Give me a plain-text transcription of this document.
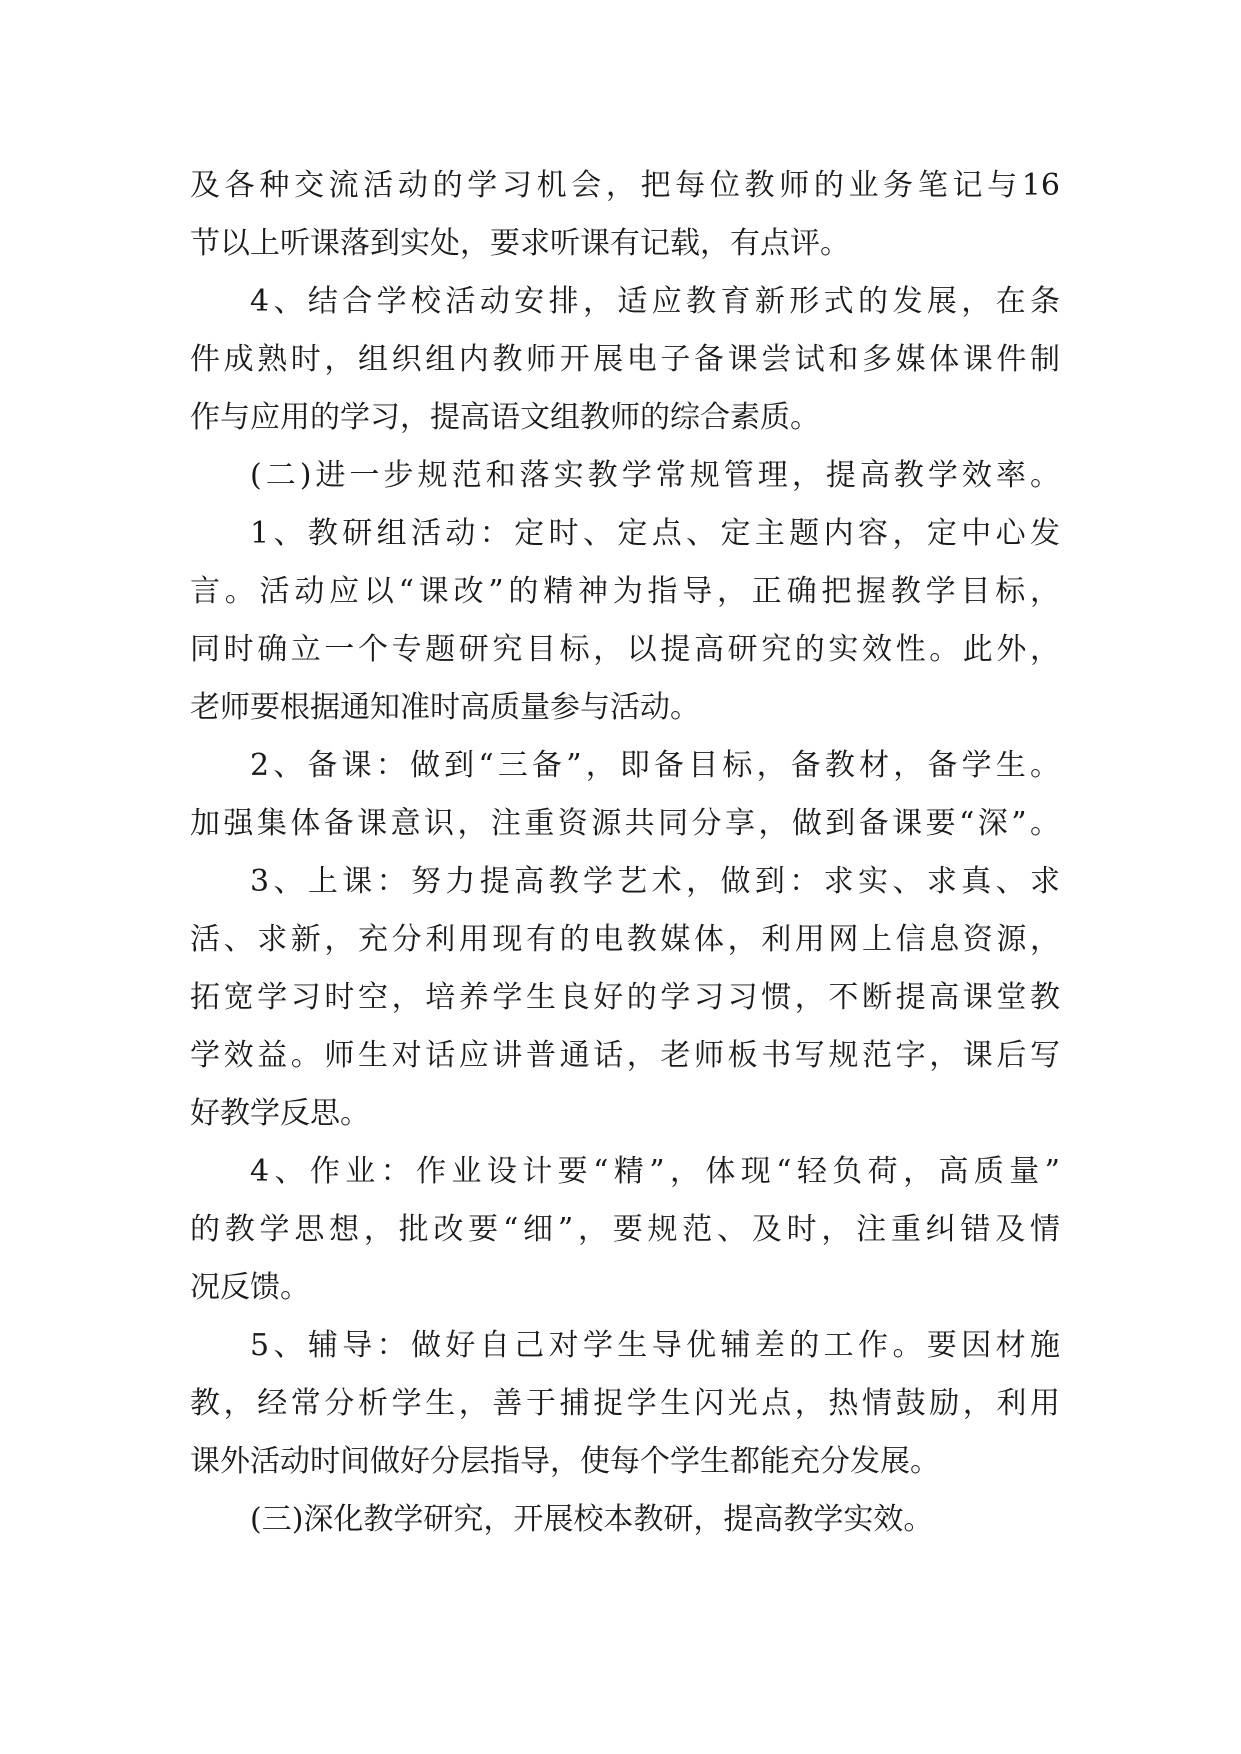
及各种交流活动的学习机会，把每位教师的业务笔记与16
节以上听课落到实处，要求听课有记载，有点评。
4、结合学校活动安排，适应教育新形式的发展，在条
件成熟时，组织组内教师开展电子备课尝试和多媒体课件制
作与应用的学习，提高语文组教师的综合素质。
(二)进一步规范和落实教学常规管理，提高教学效率。
1、教研组活动：定时、定点、定主题内容，定中心发
言。活动应以“课改”的精神为指导，正确把握教学目标，
同时确立一个专题研究目标，以提高研究的实效性。此外，
老师要根据通知准时高质量参与活动。
2、备课：做到“三备”，即备目标，备教材，备学生。
加强集体备课意识，注重资源共同分享，做到备课要“深”。
3、上课：努力提高教学艺术，做到：求实、求真、求
活、求新，充分利用现有的电教媒体，利用网上信息资源，
拓宽学习时空，培养学生良好的学习习惯，不断提高课堂教
学效益。师生对话应讲普通话，老师板书写规范字，课后写
好教学反思。
4、作业：作业设计要“精”，体现“轻负荷，高质量”
的教学思想，批改要“细”，要规范、及时，注重纠错及情
况反馈。
5、辅导：做好自己对学生导优辅差的工作。要因材施
教，经常分析学生，善于捕捉学生闪光点，热情鼓励，利用
课外活动时间做好分层指导，使每个学生都能充分发展。
(三)深化教学研究，开展校本教研，提高教学实效。
